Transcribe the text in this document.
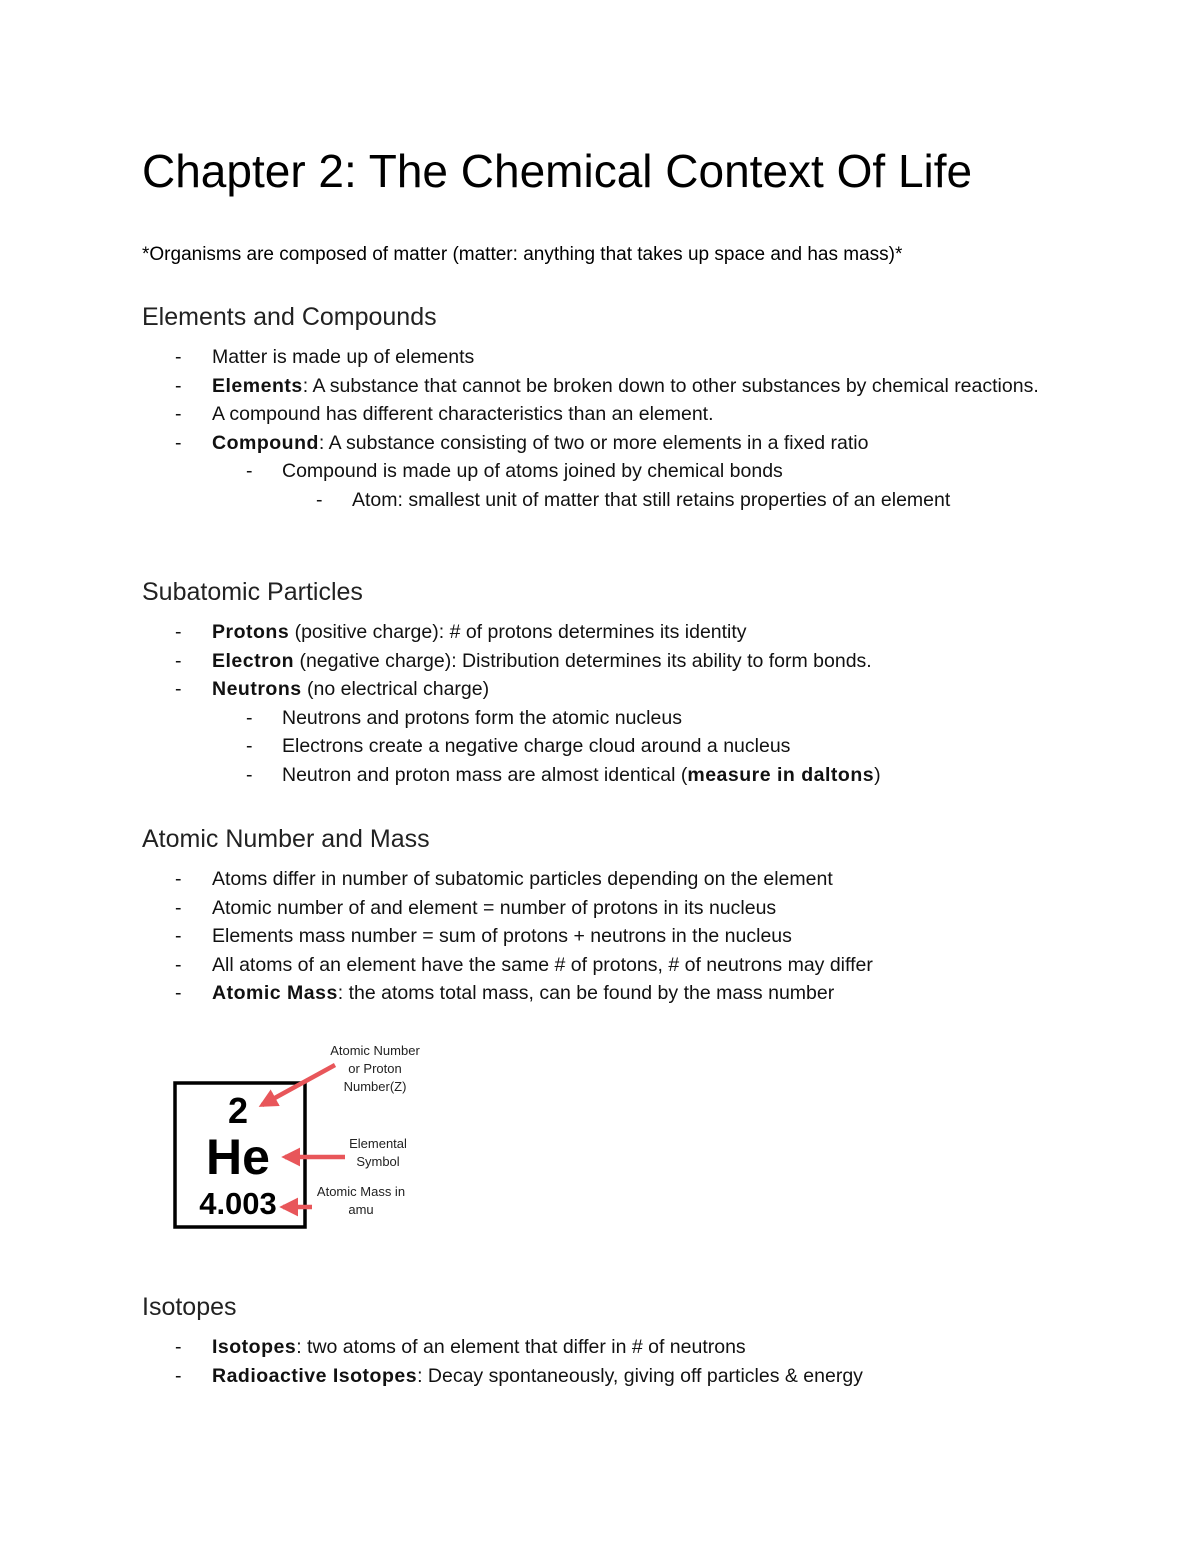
Chapter 2: The Chemical Context Of Life
*Organisms are composed of matter (matter: anything that takes up space and has mass)*
Elements and Compounds
- Matter is made up of elements
- Elements: A substance that cannot be broken down to other substances by chemical reactions.
- A compound has different characteristics than an element.
- Compound: A substance consisting of two or more elements in a fixed ratio
- Compound is made up of atoms joined by chemical bonds
- Atom: smallest unit of matter that still retains properties of an element
Subatomic Particles
- Protons (positive charge): # of protons determines its identity
- Electron (negative charge): Distribution determines its ability to form bonds.
- Neutrons (no electrical charge)
- Neutrons and protons form the atomic nucleus
- Electrons create a negative charge cloud around a nucleus
- Neutron and proton mass are almost identical (measure in daltons)
Atomic Number and Mass
- Atoms differ in number of subatomic particles depending on the element
- Atomic number of and element = number of protons in its nucleus
- Elements mass number = sum of protons + neutrons in the nucleus
- All atoms of an element have the same # of protons, # of neutrons may differ
- Atomic Mass: the atoms total mass, can be found by the mass number
Isotopes
- Isotopes: two atoms of an element that differ in # of neutrons
- Radioactive Isotopes: Decay spontaneously, giving off particles & energy
2
He
4.003
Atomic Number
or Proton
Number(Z)
Elemental
Symbol
Atomic Mass in
amu
